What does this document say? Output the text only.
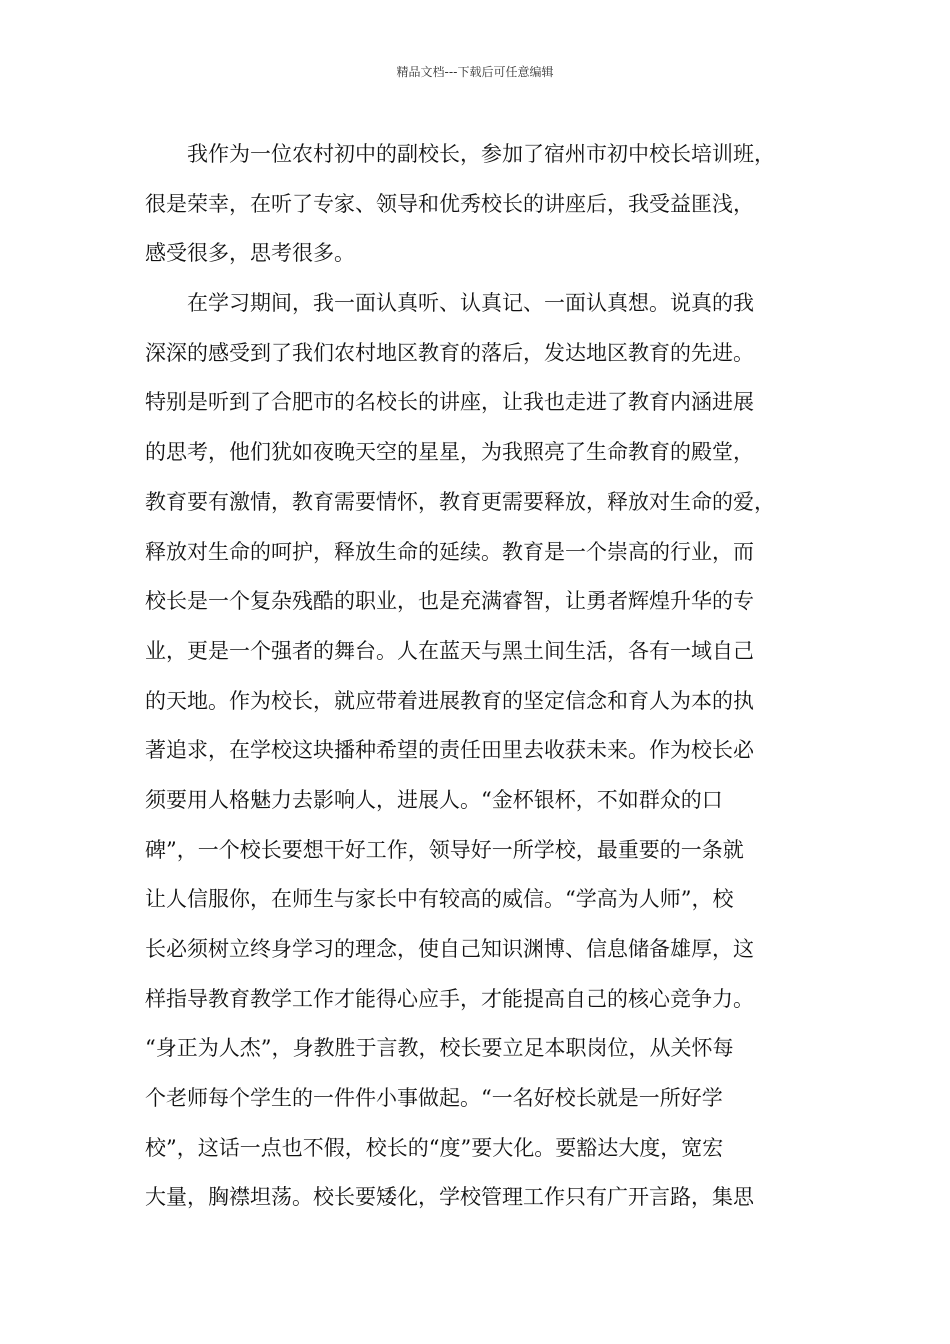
精品文档---下载后可任意编辑
我作为一位农村初中的副校长，参加了宿州市初中校长培训班，
很是荣幸，在听了专家、领导和优秀校长的讲座后，我受益匪浅，
感受很多，思考很多。
在学习期间，我一面认真听、认真记、一面认真想。说真的我
深深的感受到了我们农村地区教育的落后，发达地区教育的先进。
特别是听到了合肥市的名校长的讲座，让我也走进了教育内涵进展
的思考，他们犹如夜晚天空的星星，为我照亮了生命教育的殿堂，
教育要有激情，教育需要情怀，教育更需要释放，释放对生命的爱，
释放对生命的呵护，释放生命的延续。教育是一个崇高的行业，而
校长是一个复杂残酷的职业，也是充满睿智，让勇者辉煌升华的专
业，更是一个强者的舞台。人在蓝天与黑土间生活，各有一域自己
的天地。作为校长，就应带着进展教育的坚定信念和育人为本的执
著追求，在学校这块播种希望的责任田里去收获未来。作为校长必
须要用人格魅力去影响人，进展人。“金杯银杯，不如群众的口
碑”，一个校长要想干好工作，领导好一所学校，最重要的一条就
让人信服你，在师生与家长中有较高的威信。“学高为人师”，校
长必须树立终身学习的理念，使自己知识渊博、信息储备雄厚，这
样指导教育教学工作才能得心应手，才能提高自己的核心竞争力。
“身正为人杰”，身教胜于言教，校长要立足本职岗位，从关怀每
个老师每个学生的一件件小事做起。“一名好校长就是一所好学
校”，这话一点也不假，校长的“度”要大化。要豁达大度，宽宏
大量，胸襟坦荡。校长要矮化，学校管理工作只有广开言路，集思
